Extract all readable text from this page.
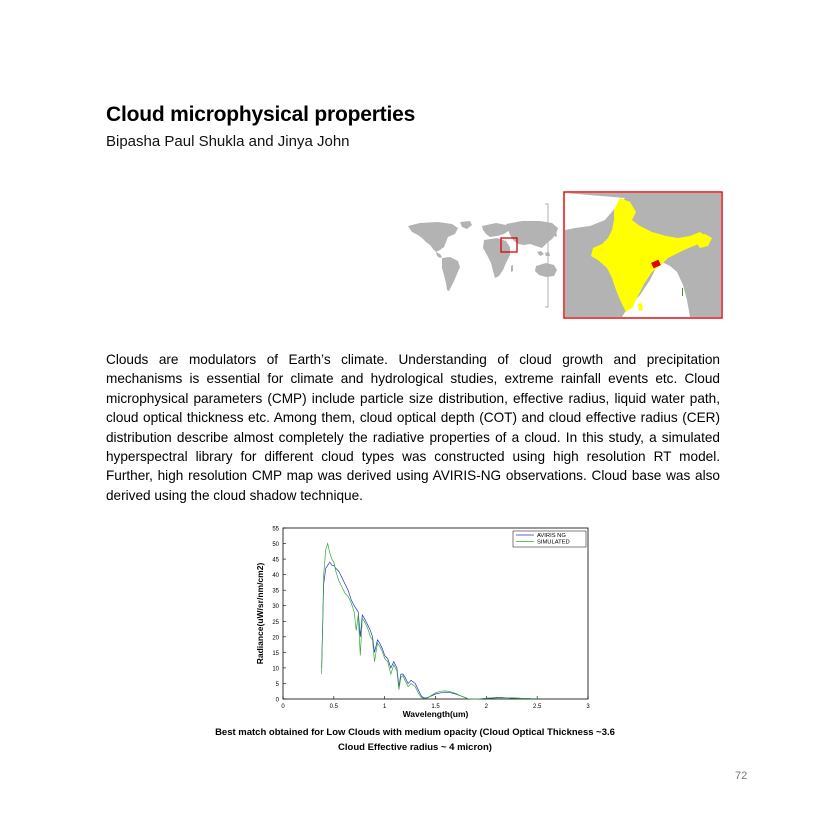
Cloud microphysical properties
Bipasha Paul Shukla and Jinya John
Clouds are modulators of Earth’s climate. Understanding of cloud growth and precipitation mechanisms is essential for climate and hydrological studies, extreme rainfall events etc. Cloud microphysical parameters (CMP) include particle size distribution, effective radius, liquid water path, cloud optical thickness etc. Among them, cloud optical depth (COT) and cloud effective radius (CER) distribution describe almost completely the radiative properties of a cloud. In this study, a simulated hyperspectral library for different cloud types was constructed using high resolution RT model. Further, high resolution CMP map was derived using AVIRIS-NG observations. Cloud base was also derived using the cloud shadow technique.
0
5
10
15
20
25
30
35
40
45
50
55
0	0.5	1	1.5	2	2.5	3
AVIRIS NG
SIMULATED
Wavelength(um)
Radiance(uW/sr/nm/cm2)
Best match obtained for Low Clouds with medium opacity (Cloud Optical Thickness ~3.6
Cloud Effective radius ~ 4 micron)
72
